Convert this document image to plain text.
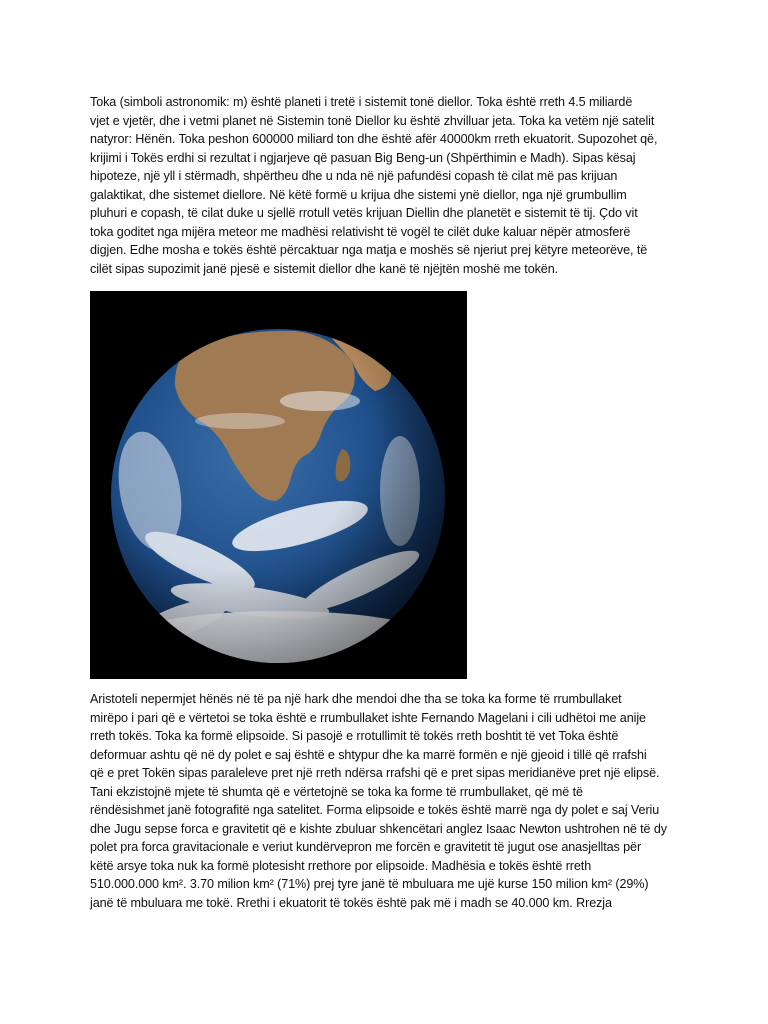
Toka (simboli astronomik: m) është planeti i tretë i sistemit tonë diellor. Toka është rreth 4.5 miliardë
vjet e vjetër, dhe i vetmi planet në Sistemin tonë Diellor ku është zhvilluar jeta. Toka ka vetëm një satelit
natyror: Hënën. Toka peshon 600000 miliard ton dhe është afër 40000km rreth ekuatorit. Supozohet që,
krijimi i Tokës erdhi si rezultat i ngjarjeve që pasuan Big Beng-un (Shpërthimin e Madh). Sipas kësaj
hipoteze, një yll i stërmadh, shpërtheu dhe u nda në një pafundësi copash të cilat më pas krijuan
galaktikat, dhe sistemet diellore. Në këtë formë u krijua dhe sistemi ynë diellor, nga një grumbullim
pluhuri e copash, të cilat duke u sjellë rrotull vetës krijuan Diellin dhe planetët e sistemit të tij. Çdo vit
toka goditet nga mijëra meteor me madhësi relativisht të vogël te cilët duke kaluar nëpër atmosferë
digjen. Edhe mosha e tokës është përcaktuar nga matja e moshës së njeriut prej këtyre meteorëve, të
cilët sipas supozimit janë pjesë e sistemit diellor dhe kanë të njëjtën moshë me tokën.

Aristoteli nepermjet hënës në të pa një hark dhe mendoi dhe tha se toka ka forme të rrumbullaket
mirëpo i pari që e vërtetoi se toka është e rrumbullaket ishte Fernando Magelani i cili udhëtoi me anije
rreth tokës. Toka ka formë elipsoide. Si pasojë e rrotullimit të tokës rreth boshtit të vet Toka është
deformuar ashtu që në dy polet e saj është e shtypur dhe ka marrë formën e një gjeoid i tillë që rrafshi
që e pret Tokën sipas paraleleve pret një rreth ndërsa rrafshi që e pret sipas meridianëve pret një elipsë.
Tani ekzistojnë mjete të shumta që e vërtetojnë se toka ka forme të rrumbullaket, që më të
rëndësishmet janë fotografitë nga satelitet. Forma elipsoide e tokës është marrë nga dy polet e saj Veriu
dhe Jugu sepse forca e gravitetit që e kishte zbuluar shkencëtari anglez Isaac Newton ushtrohen në të dy
polet pra forca gravitacionale e veriut kundërvepron me forcën e gravitetit të jugut ose anasjelltas për
këtë arsye toka nuk ka formë plotesisht rrethore por elipsoide. Madhësia e tokës është rreth
510.000.000 km². 3.70 milion km² (71%) prej tyre janë të mbuluara me ujë kurse 150 milion km² (29%)
janë të mbuluara me tokë. Rrethi i ekuatorit të tokës është pak më i madh se 40.000 km. Rrezja
